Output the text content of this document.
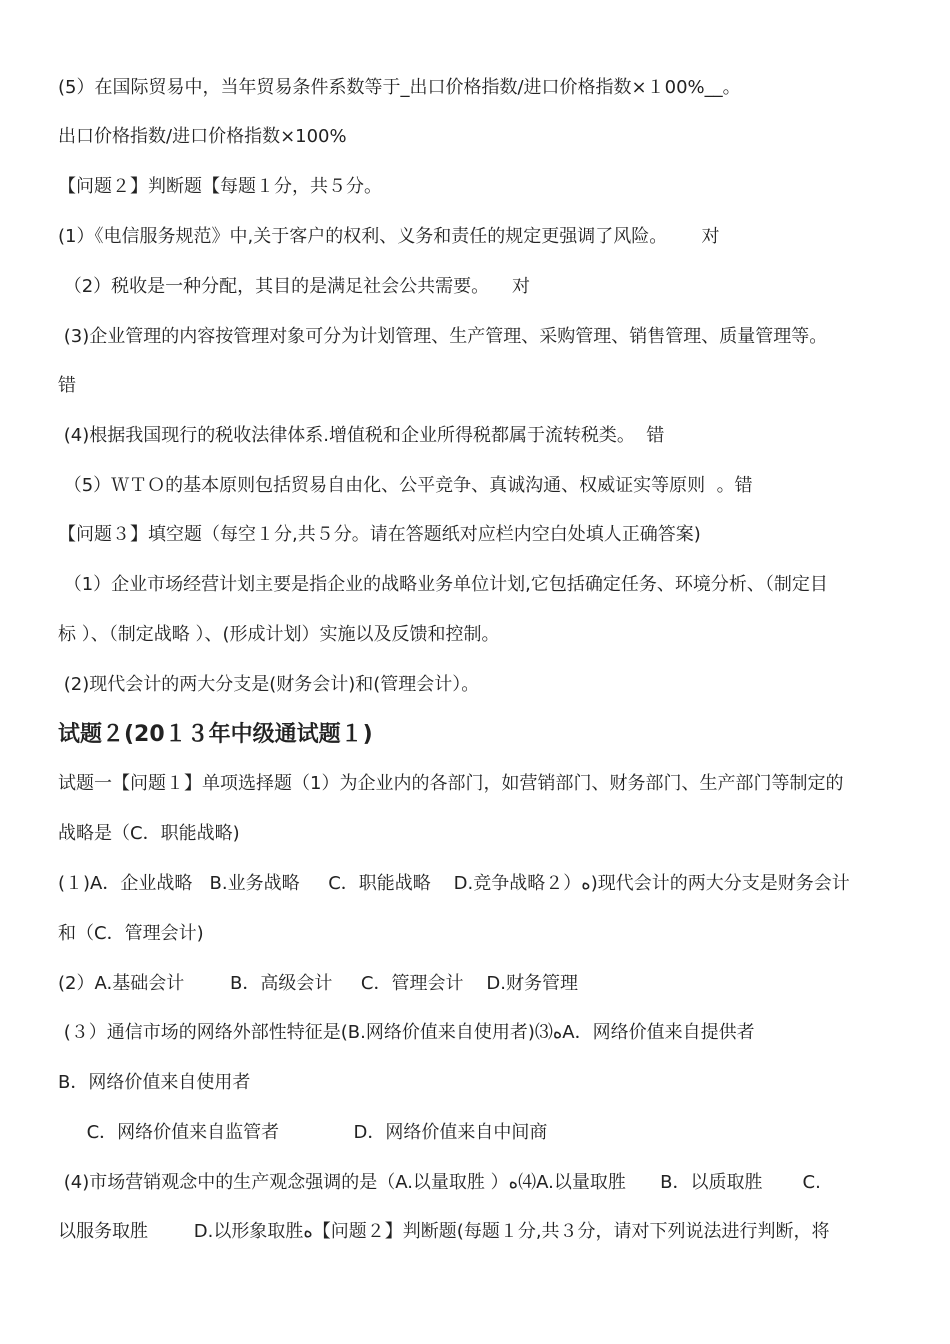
(5）在国际贸易中，当年贸易条件系数等于_出口价格指数/进口价格指数×１00%__。
出口价格指数/进口价格指数×100%
【问题２】判断题【每题１分，共５分。
(1）《电信服务规范》中,关于客户的权利、义务和责任的规定更强调了风险。      对
（2）税收是一种分配，其目的是满足社会公共需要。    对
(3)企业管理的内容按管理对象可分为计划管理、生产管理、采购管理、销售管理、质量管理等。
错
(4)根据我国现行的税收法律体系.增值税和企业所得税都属于流转税类。  错
（5）ＷＴＯ的基本原则包括贸易自由化、公平竞争、真诚沟通、权威证实等原则  。错
【问题３】填空题（每空１分,共５分。请在答题纸对应栏内空白处填人正确答案)
（1）企业市场经营计划主要是指企业的战略业务单位计划,它包括确定任务、环境分析、（制定目
标 ）、（制定战略 ）、(形成计划）实施以及反馈和控制。
(2)现代会计的两大分支是(财务会计)和(管理会计）。
试题２(20１３年中级通试题１)
试题一【问题１】单项选择题（1）为企业内的各部门，如营销部门、财务部门、生产部门等制定的
战略是（C．职能战略)
(１)A．企业战略   B.业务战略     C．职能战略    D.竞争战略２）ﻩ)现代会计的两大分支是财务会计
和（C．管理会计)
(2）A.基础会计        B．高级会计     C．管理会计    D.财务管理
(３）通信市场的网络外部性特征是(B.网络价值来自使用者)⑶ﻩA．网络价值来自提供者
B．网络价值来自使用者
C．网络价值来自监管者             D．网络价值来自中间商
(4)市场营销观念中的生产观念强调的是（A.以量取胜 ）ﻩ⑷A.以量取胜      B．以质取胜       C.
以服务取胜        D.以形象取胜ﻩ【问题２】判断题(每题１分,共３分，请对下列说法进行判断，将
